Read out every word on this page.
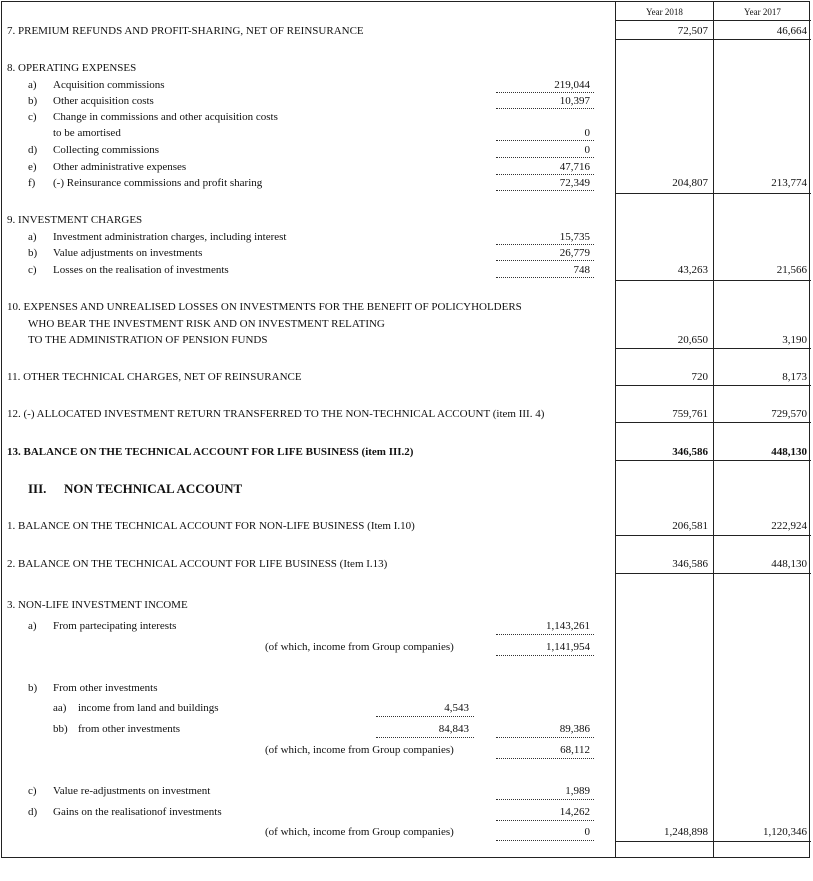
Year 2018	Year 2017
7. PREMIUM REFUNDS AND PROFIT-SHARING, NET OF REINSURANCE	72,507	46,664
8. OPERATING EXPENSES
a) Acquisition commissions	219,044
b) Other acquisition costs	10,397
c) Change in commissions and other acquisition costs
to be amortised	0
d) Collecting commissions	0
e) Other administrative expenses	47,716
f) (-) Reinsurance commissions and profit sharing	72,349	204,807	213,774
9. INVESTMENT CHARGES
a) Investment administration charges, including interest	15,735
b) Value adjustments on investments	26,779
c) Losses on the realisation of investments	748	43,263	21,566
10. EXPENSES AND UNREALISED LOSSES ON INVESTMENTS FOR THE BENEFIT OF POLICYHOLDERS
WHO BEAR THE INVESTMENT RISK AND ON INVESTMENT RELATING
TO THE ADMINISTRATION OF PENSION FUNDS	20,650	3,190
11. OTHER TECHNICAL CHARGES, NET OF REINSURANCE	720	8,173
12. (-) ALLOCATED INVESTMENT RETURN TRANSFERRED TO THE NON-TECHNICAL ACCOUNT (item III. 4)	759,761	729,570
13. BALANCE ON THE TECHNICAL ACCOUNT FOR LIFE BUSINESS (item III.2)	346,586	448,130
III. NON TECHNICAL ACCOUNT
1. BALANCE ON THE TECHNICAL ACCOUNT FOR NON-LIFE BUSINESS (Item I.10)	206,581	222,924
2. BALANCE ON THE TECHNICAL ACCOUNT FOR LIFE BUSINESS (Item I.13)	346,586	448,130
3. NON-LIFE INVESTMENT INCOME
a) From partecipating interests	1,143,261
(of which, income from Group companies)	1,141,954
b) From other investments
aa) income from land and buildings	4,543
bb) from other investments	84,843	89,386
(of which, income from Group companies)	68,112
c) Value re-adjustments on investment	1,989
d) Gains on the realisationof investments	14,262
(of which, income from Group companies)	0	1,248,898	1,120,346
